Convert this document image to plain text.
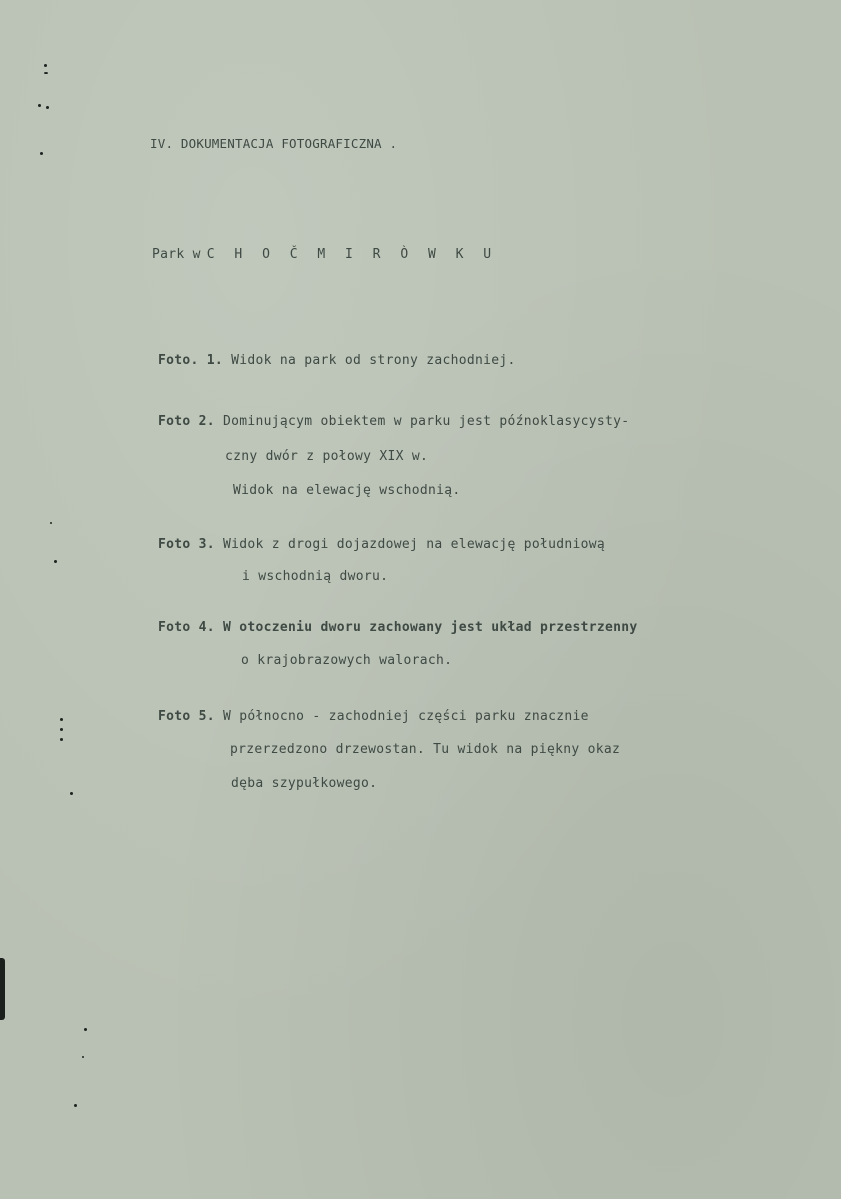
IV. DOKUMENTACJA FOTOGRAFICZNA .
Park w C H O Č M I R Ò W K U
Foto. 1. Widok na park od strony zachodniej.
Foto 2. Dominującym obiektem w parku jest późnoklasycysty-
czny dwór z połowy XIX w.
Widok na elewację wschodnią.
Foto 3. Widok z drogi dojazdowej na elewację południową
i wschodnią dworu.
Foto 4. W otoczeniu dworu zachowany jest układ przestrzenny
o krajobrazowych walorach.
Foto 5. W północno - zachodniej części parku znacznie
przerzedzono drzewostan. Tu widok na piękny okaz
dęba szypułkowego.
